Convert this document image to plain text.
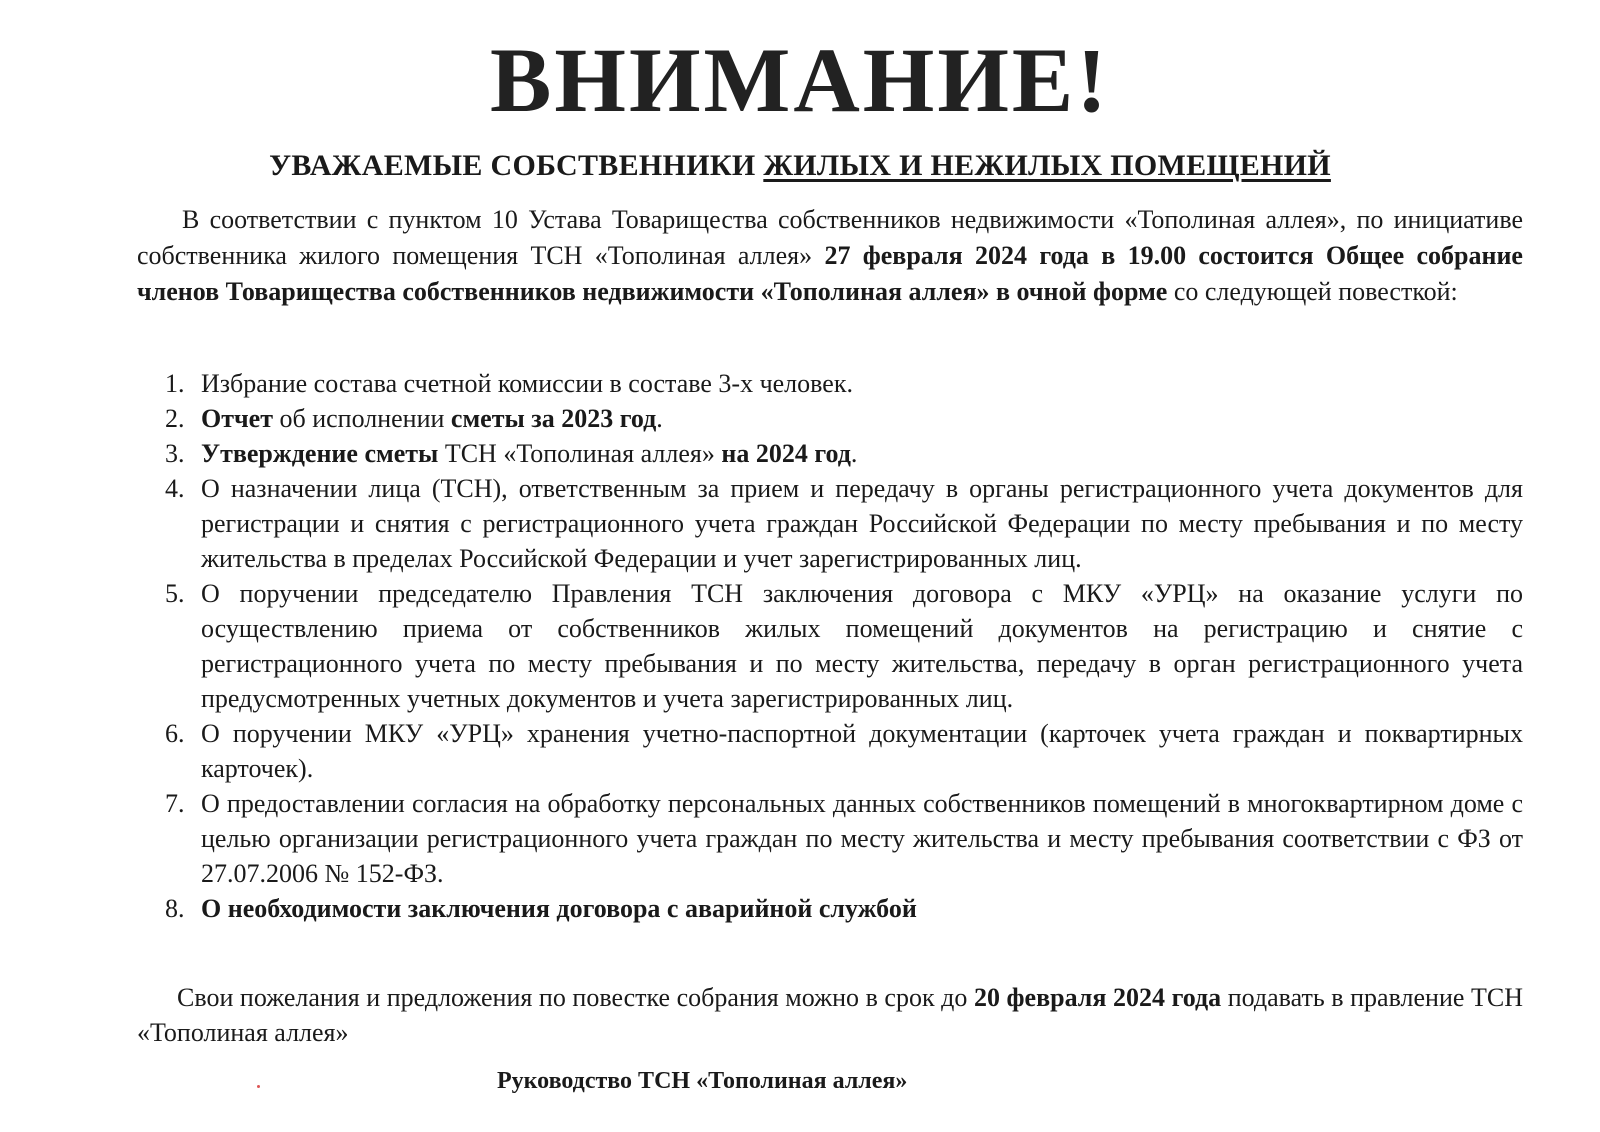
ВНИМАНИЕ!
УВАЖАЕМЫЕ СОБСТВЕННИКИ ЖИЛЫХ И НЕЖИЛЫХ ПОМЕЩЕНИЙ
В соответствии с пунктом 10 Устава Товарищества собственников недвижимости «Тополиная аллея», по инициативе собственника жилого помещения ТСН «Тополиная аллея» 27 февраля 2024 года в 19.00 состоится Общее собрание членов Товарищества собственников недвижимости «Тополиная аллея» в очной форме со следующей повесткой:
1. Избрание состава счетной комиссии в составе 3-х человек.
2. Отчет об исполнении сметы за 2023 год.
3. Утверждение сметы ТСН «Тополиная аллея» на 2024 год.
4. О назначении лица (ТСН), ответственным за прием и передачу в органы регистрационного учета документов для регистрации и снятия с регистрационного учета граждан Российской Федерации по месту пребывания и по месту жительства в пределах Российской Федерации и учет зарегистрированных лиц.
5. О поручении председателю Правления ТСН заключения договора с МКУ «УРЦ» на оказание услуги по осуществлению приема от собственников жилых помещений документов на регистрацию и снятие с регистрационного учета по месту пребывания и по месту жительства, передачу в орган регистрационного учета предусмотренных учетных документов и учета зарегистрированных лиц.
6. О поручении МКУ «УРЦ» хранения учетно-паспортной документации (карточек учета граждан и поквартирных карточек).
7. О предоставлении согласия на обработку персональных данных собственников помещений в многоквартирном доме с целью организации регистрационного учета граждан по месту жительства и месту пребывания соответствии с ФЗ от 27.07.2006 № 152-ФЗ.
8. О необходимости заключения договора с аварийной службой
Свои пожелания и предложения по повестке собрания можно в срок до 20 февраля 2024 года подавать в правление ТСН «Тополиная аллея»
Руководство ТСН «Тополиная аллея»
